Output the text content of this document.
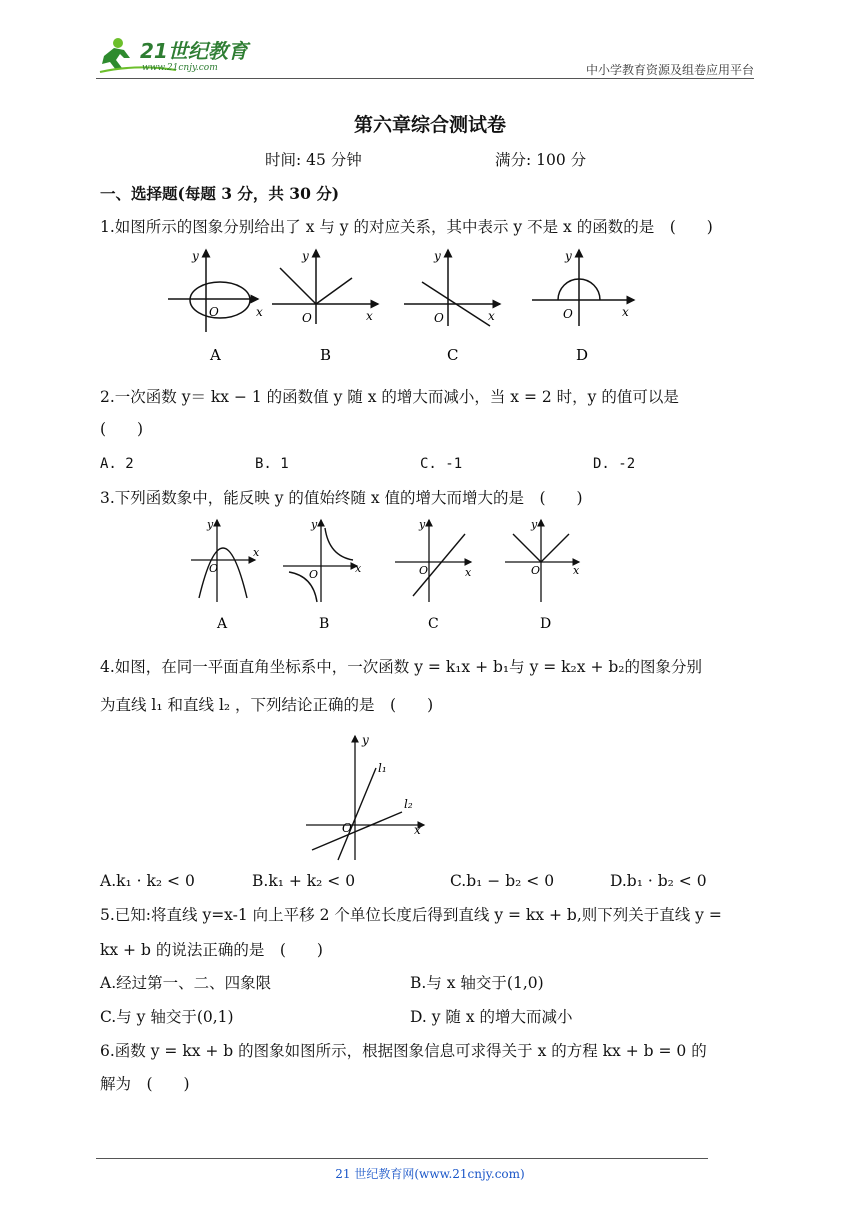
21世纪教育
www.21cnjy.com	中小学教育资源及组卷应用平台
第六章综合测试卷
时间: 45 分钟	满分: 100 分
一、选择题(每题 3 分，共 30 分)
1.如图所示的图象分别给出了 x 与 y 的对应关系，其中表示 y 不是 x 的函数的是　(　　)
y
x
O
A
y
x
O
B
y
x
O
C
y
x
O
D
2.一次函数 y＝ kx − 1 的函数值 y 随 x 的增大而减小，当 x = 2 时，y 的值可以是
(　　)
A. 2	B. 1	C. -1	D. -2
3.下列函数象中，能反映 y 的值始终随 x 值的增大而增大的是　(　　)
y
x
O
A
y
x
O
B
y
x
O
C
y
x
O
D
4.如图，在同一平面直角坐标系中，一次函数 y = k₁x + b₁与 y = k₂x + b₂的图象分别
为直线 l₁ 和直线 l₂ ，下列结论正确的是　(　　)
y
x
O
l₁
l₂
A.k₁ · k₂ < 0	B.k₁ + k₂ < 0	C.b₁ − b₂ < 0	D.b₁ · b₂ < 0
5.已知:将直线 y=x-1 向上平移 2 个单位长度后得到直线 y = kx + b,则下列关于直线 y =
kx + b 的说法正确的是　(　　)
A.经过第一、二、四象限	B.与 x 轴交于(1,0)
C.与 y 轴交于(0,1)	D. y 随 x 的增大而减小
6.函数 y = kx + b 的图象如图所示，根据图象信息可求得关于 x 的方程 kx + b = 0 的
解为　(　　)
21 世纪教育网(www.21cnjy.com)
